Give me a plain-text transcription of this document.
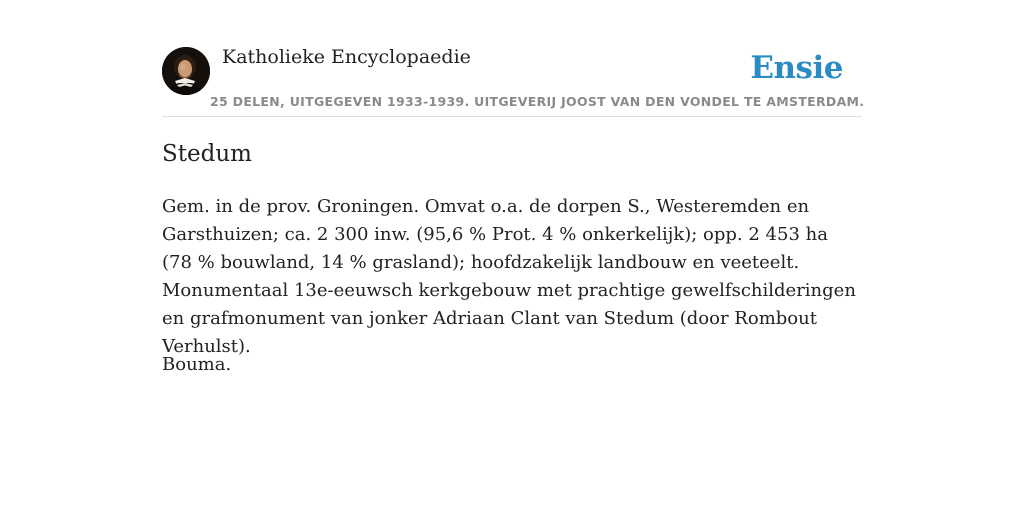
Katholieke Encyclopaedie	Ensie
25 DELEN, UITGEGEVEN 1933-1939. UITGEVERIJ JOOST VAN DEN VONDEL TE AMSTERDAM.
Stedum

Gem. in de prov. Groningen. Omvat o.a. de dorpen S., Westeremden en Garsthuizen; ca. 2 300 inw. (95,6 % Prot. 4 % onkerkelijk); opp. 2 453 ha (78 % bouwland, 14 % grasland); hoofdzakelijk landbouw en veeteelt. Monumentaal 13e-eeuwsch kerkgebouw met prachtige gewelfschilderingen en grafmonument van jonker Adriaan Clant van Stedum (door Rombout Verhulst).

Bouma.
